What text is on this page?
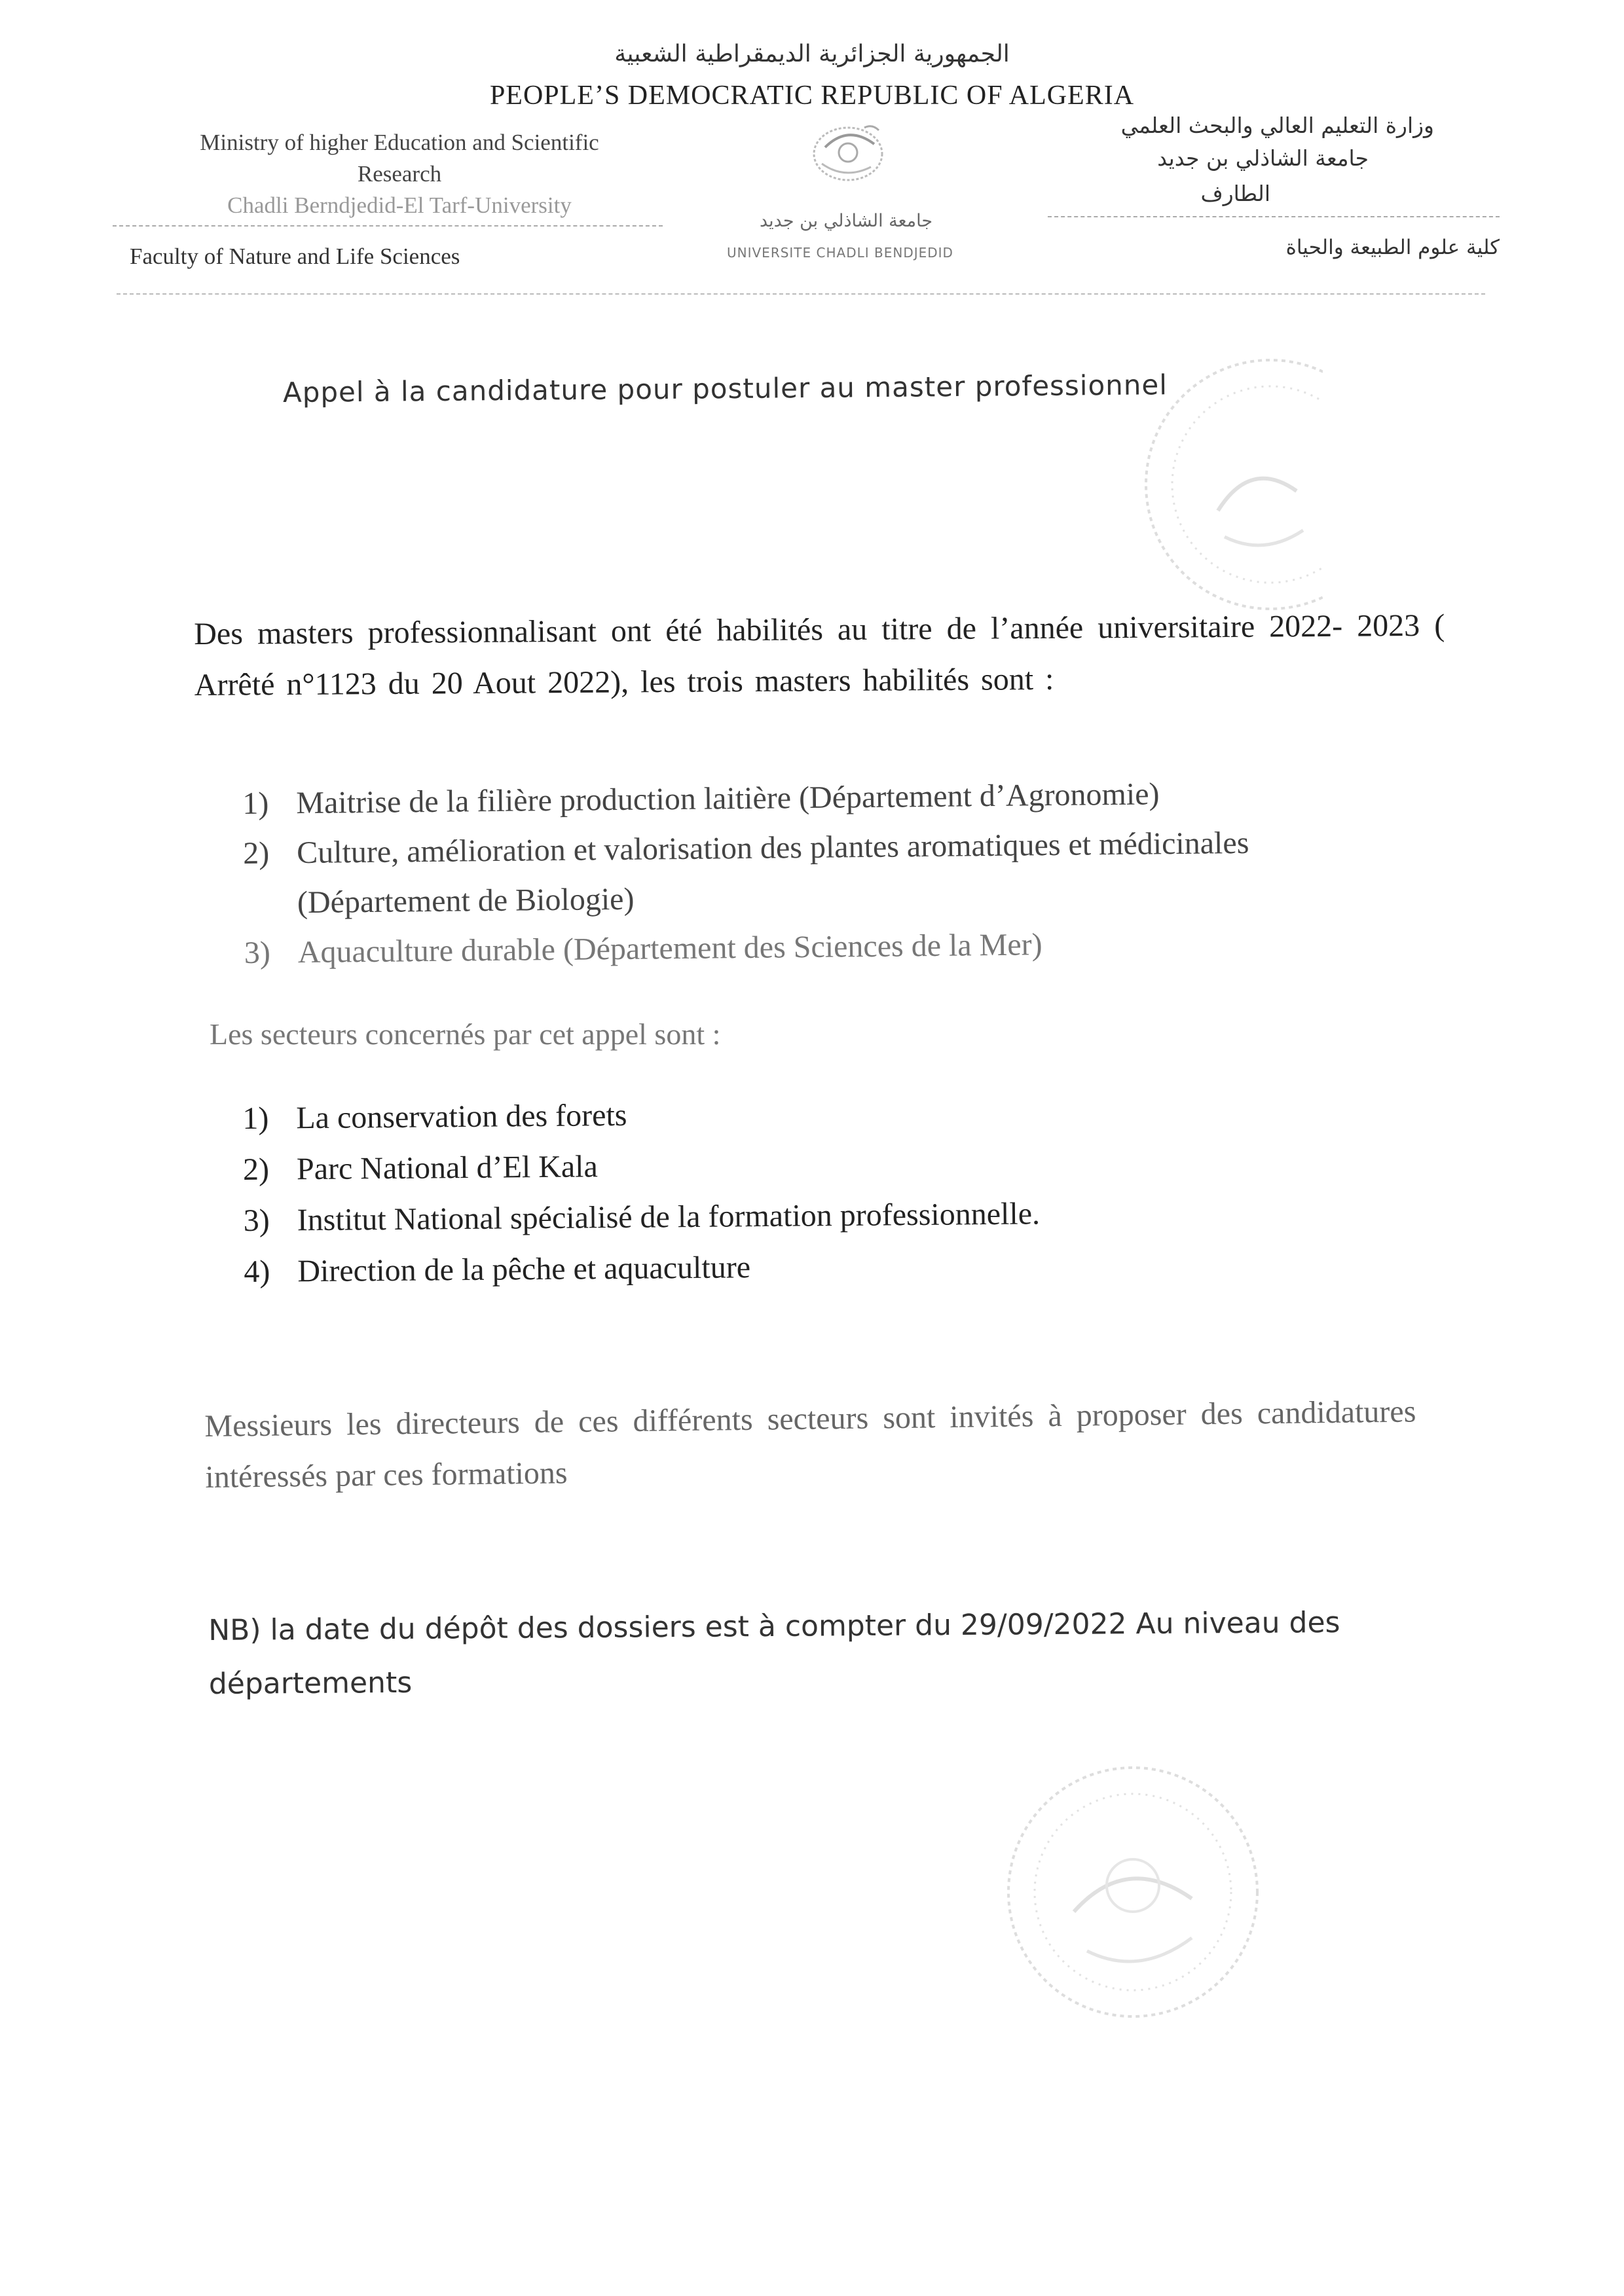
الجمهورية الجزائرية الديمقراطية الشعبية
PEOPLE’S DEMOCRATIC REPUBLIC OF ALGERIA
Ministry of higher Education and Scientific
Research
Chadli Berndjedid-El Tarf-University
Faculty of Nature and Life Sciences
وزارة التعليم العالي والبحث العلمي
جامعة الشاذلي بن جديد
الطارف
كلية علوم الطبيعة والحياة
جامعة الشاذلي بن جديد
UNIVERSITE CHADLI BENDJEDID
Appel à la candidature pour postuler au master professionnel
Des masters professionnalisant ont été habilités au titre de l’année universitaire 2022- 2023 ( Arrêté n°1123 du 20 Aout 2022), les trois masters habilités sont :
1) Maitrise de la filière production laitière (Département d’Agronomie)
2) Culture, amélioration et valorisation des plantes aromatiques et médicinales (Département de Biologie)
3) Aquaculture durable (Département des Sciences de la Mer)
Les secteurs concernés par cet appel sont :
1) La conservation des forets
2) Parc National d’El Kala
3) Institut National spécialisé de la formation professionnelle.
4) Direction de la pêche et aquaculture
Messieurs les directeurs de ces différents secteurs sont invités à proposer des candidatures intéressés par ces formations
NB) la date du dépôt des dossiers est à compter du 29/09/2022 Au niveau des départements
